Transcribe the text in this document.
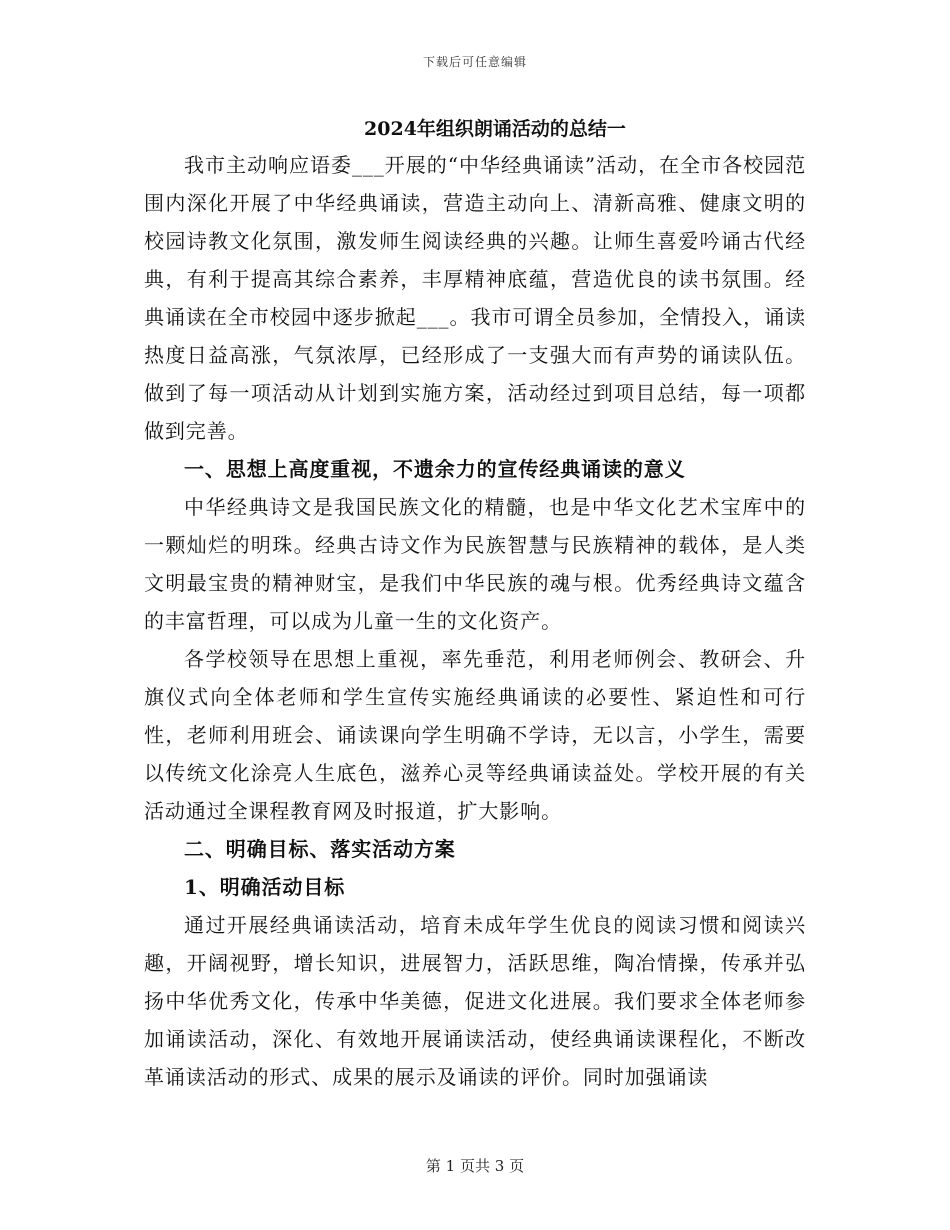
下载后可任意编辑
2024年组织朗诵活动的总结一

我市主动响应语委___开展的“中华经典诵读”活动，在全市各校园范围内深化开展了中华经典诵读，营造主动向上、清新高雅、健康文明的校园诗教文化氛围，激发师生阅读经典的兴趣。让师生喜爱吟诵古代经典，有利于提高其综合素养，丰厚精神底蕴，营造优良的读书氛围。经典诵读在全市校园中逐步掀起___。我市可谓全员参加，全情投入，诵读热度日益高涨，气氛浓厚，已经形成了一支强大而有声势的诵读队伍。做到了每一项活动从计划到实施方案，活动经过到项目总结，每一项都做到完善。

一、思想上高度重视，不遗余力的宣传经典诵读的意义

中华经典诗文是我国民族文化的精髓，也是中华文化艺术宝库中的一颗灿烂的明珠。经典古诗文作为民族智慧与民族精神的载体，是人类文明最宝贵的精神财宝，是我们中华民族的魂与根。优秀经典诗文蕴含的丰富哲理，可以成为儿童一生的文化资产。

各学校领导在思想上重视，率先垂范，利用老师例会、教研会、升旗仪式向全体老师和学生宣传实施经典诵读的必要性、紧迫性和可行性，老师利用班会、诵读课向学生明确不学诗，无以言，小学生，需要以传统文化涂亮人生底色，滋养心灵等经典诵读益处。学校开展的有关活动通过全课程教育网及时报道，扩大影响。

二、明确目标、落实活动方案

1、明确活动目标

通过开展经典诵读活动，培育未成年学生优良的阅读习惯和阅读兴趣，开阔视野，增长知识，进展智力，活跃思维，陶冶情操，传承并弘扬中华优秀文化，传承中华美德，促进文化进展。我们要求全体老师参加诵读活动，深化、有效地开展诵读活动，使经典诵读课程化，不断改革诵读活动的形式、成果的展示及诵读的评价。同时加强诵读

第 1 页共 3 页
